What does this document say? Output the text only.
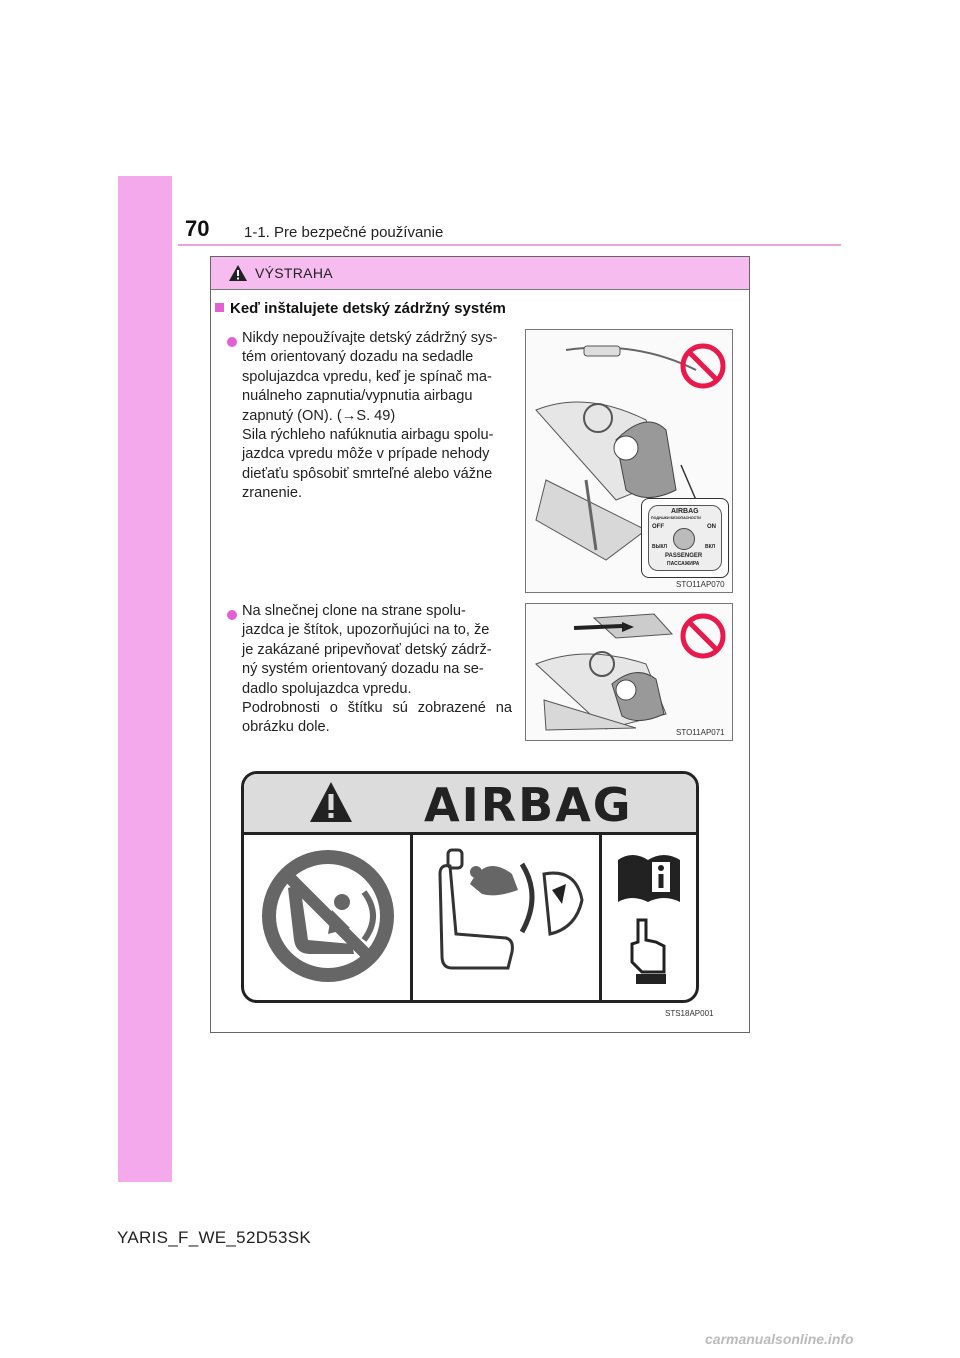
70 1-1. Pre bezpečné používanie
VÝSTRAHA
Keď inštalujete detský zádržný systém
Nikdy nepoužívajte detský zádržný sys-
tém orientovaný dozadu na sedadle
spolujazdca vpredu, keď je spínač ma-
nuálneho zapnutia/vypnutia airbagu
zapnutý (ON). (→S. 49)
Sila rýchleho nafúknutia airbagu spolu-
jazdca vpredu môže v prípade nehody
dieťaťu spôsobiť smrteľné alebo vážne
zranenie.
AIRBAG
ПОДУШКИ БЕЗОПАСНОСТИ
OFF	ON
ВЫКЛ	ВКЛ
PASSENGER
ПАССАЖИРА
STO11AP070
Na slnečnej clone na strane spolu-
jazdca je štítok, upozorňujúci na to, že
je zakázané pripevňovať detský zádrž-
ný systém orientovaný dozadu na se-
dadlo spolujazdca vpredu.
Podrobnosti o štítku sú zobrazené na obrázku dole.	STO11AP071
AIRBAG
STS18AP001
YARIS_F_WE_52D53SK
carmanualsonline.info
